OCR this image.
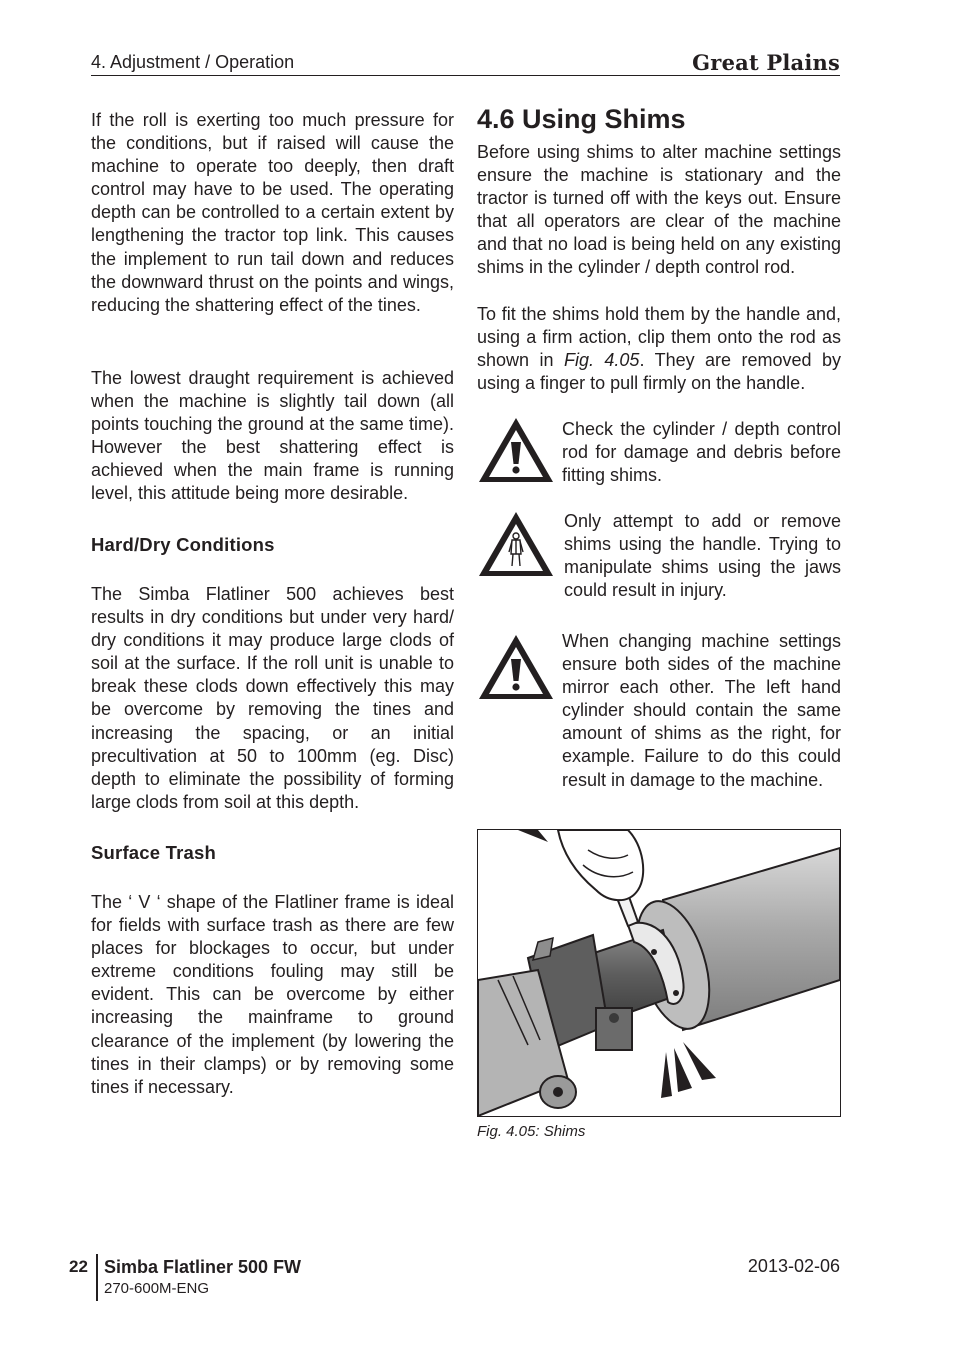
4. Adjustment / Operation	Great Plains

If the roll is exerting too much pressure for the conditions, but if raised will cause the machine to operate too deeply, then draft control may have to be used. The operating depth can be controlled to a certain extent by lengthening the tractor top link. This causes the implement to run tail down and reduces the downward thrust on the points and wings, reducing the shattering effect of the tines.

The lowest draught requirement is achieved when the machine is slightly tail down (all points touching the ground at the same time). However the best shattering effect is achieved when the main frame is running level, this attitude being more desirable.

Hard/Dry Conditions

The Simba Flatliner 500 achieves best results in dry conditions but under very hard/ dry conditions it may produce large clods of soil at the surface. If the roll unit is unable to break these clods down effectively this may be overcome by removing the tines and increasing the spacing, or an initial precultivation at 50 to 100mm (eg. Disc) depth to eliminate the possibility of forming large clods from soil at this depth.

Surface Trash

The ‘ V ‘ shape of the Flatliner frame is ideal for fields with surface trash as there are few places for blockages to occur, but under extreme conditions fouling may still be evident. This can be overcome by either increasing the mainframe to ground clearance of the implement (by lowering the tines in their clamps) or by removing some tines if necessary.

4.6 Using Shims

Before using shims to alter machine settings ensure the machine is stationary and the tractor is turned off with the keys out. Ensure that all operators are clear of the machine and that no load is being held on any existing shims in the cylinder / depth control rod.

To fit the shims hold them by the handle and, using a firm action, clip them onto the rod as shown in Fig. 4.05. They are removed by using a finger to pull firmly on the handle.

Check the cylinder / depth control rod for damage and debris before fitting shims.
Only attempt to add or remove shims using the handle. Trying to manipulate shims using the jaws could result in injury.
When changing machine settings ensure both sides of the machine mirror each other. The left hand cylinder should contain the same amount of shims as the right, for example. Failure to do this could result in damage to the machine.
Fig. 4.05: Shims
22 Simba Flatliner 500 FW
270-600M-ENG
2013-02-06
